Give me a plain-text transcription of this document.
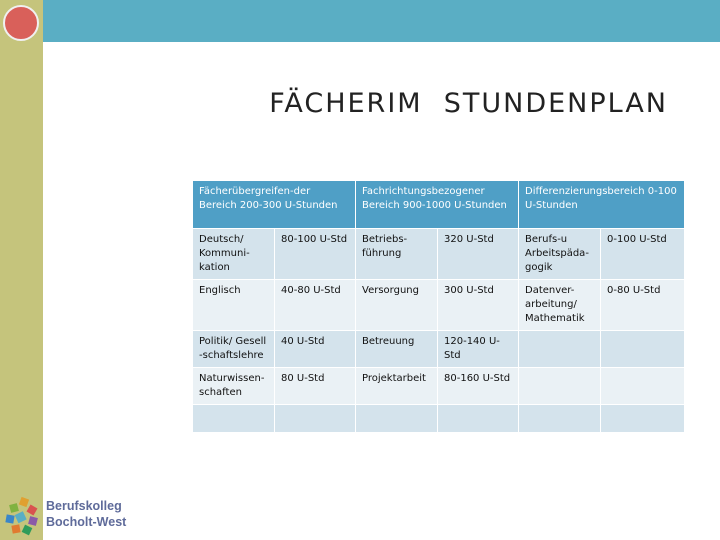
FÄCHERIM  STUNDENPLAN
Fächerübergreifen-der Bereich 200-300 U-Stunden		Fachrichtungsbezogener Bereich 900-1000 U-Stunden		Differenzierungsbereich 0-100 U-Stunden	
Deutsch/ Kommuni-kation	80-100 U-Std	Betriebs-führung	320 U-Std	Berufs-u Arbeitspäda-gogik	0-100 U-Std
Englisch	40-80 U-Std	Versorgung	300 U-Std	Datenver-arbeitung/ Mathematik	0-80 U-Std
Politik/ Gesell -schaftslehre	40 U-Std	Betreuung	120-140 U-Std		
Naturwissen-schaften	80 U-Std	Projektarbeit	80-160 U-Std		

Berufskolleg
Bocholt-West
